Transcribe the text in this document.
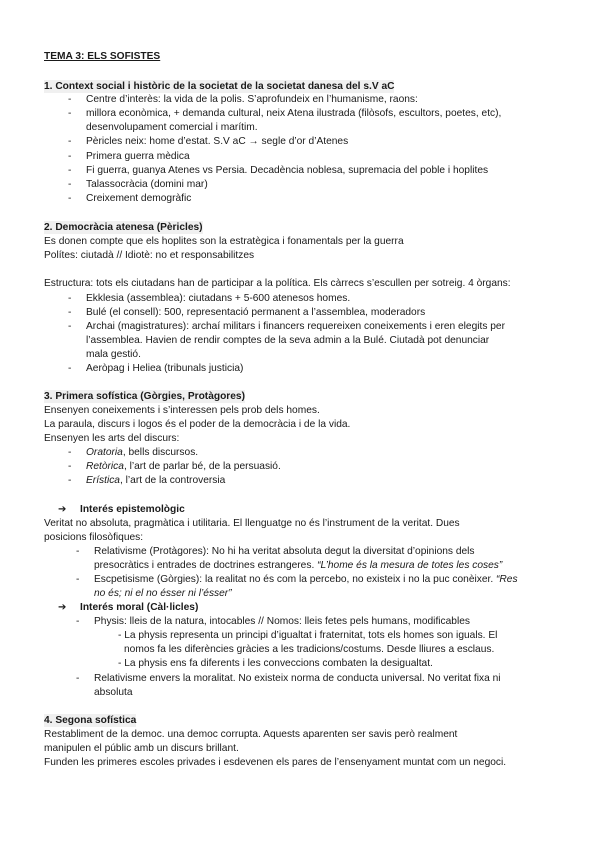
TEMA 3: ELS SOFISTES
1. Context social i històric de la societat de la societat danesa del s.V aC
- Centre d’interès: la vida de la polis. S’aprofundeix en l’humanisme, raons:
- millora econòmica, + demanda cultural, neix Atena ilustrada (filòsofs, escultors, poetes, etc),
desenvolupament comercial i marítim.
- Pèricles neix: home d’estat. S.V aC → segle d’or d’Atenes
- Primera guerra mèdica
- Fi guerra, guanya Atenes vs Persia. Decadència noblesa, supremacia del poble i hoplites
- Talassocràcia (domini mar)
- Creixement demogràfic
2. Democràcia atenesa (Pèricles)
Es donen compte que els hoplites son la estratègica i fonamentals per la guerra
Polítes: ciutadà // Idiotè: no et responsabilitzes
Estructura: tots els ciutadans han de participar a la política. Els càrrecs s’escullen per sotreig. 4 òrgans:
- Ekklesia (assemblea): ciutadans + 5-600 atenesos homes.
- Bulé (el consell): 500, representació permanent a l’assemblea, moderadors
- Archai (magistratures): archaí militars i financers requereixen coneixements i eren elegits per
l’assemblea. Havien de rendir comptes de la seva admin a la Bulé. Ciutadà pot denunciar
mala gestió.
- Aeròpag i Heliea (tribunals justicia)
3. Primera sofística (Gòrgies, Protàgores)
Ensenyen coneixements i s’interessen pels prob dels homes.
La paraula, discurs i logos és el poder de la democràcia i de la vida.
Ensenyen les arts del discurs:
- Oratoria, bells discursos.
- Retòrica, l’art de parlar bé, de la persuasió.
- Erística, l’art de la controversia
➔ Interés epistemològic
Veritat no absoluta, pragmàtica i utilitaria. El llenguatge no és l’instrument de la veritat. Dues
posicions filosòfiques:
- Relativisme (Protàgores): No hi ha veritat absoluta degut la diversitat d’opinions dels
presocràtics i entrades de doctrines estrangeres. “L’home és la mesura de totes les coses”
- Escpetisisme (Gòrgies): la realitat no és com la percebo, no existeix i no la puc conèixer. “Res
no és; ni el no ésser ni l’ésser”
➔ Interés moral (Càl·licles)
- Physis: lleis de la natura, intocables // Nomos: lleis fetes pels humans, modificables
- La physis representa un principi d’igualtat i fraternitat, tots els homes son iguals. El
nomos fa les diferències gràcies a les tradicions/costums. Desde lliures a esclaus.
- La physis ens fa diferents i les conveccions combaten la desigualtat.
- Relativisme envers la moralitat. No existeix norma de conducta universal. No veritat fixa ni
absoluta
4. Segona sofística
Restabliment de la democ. una democ corrupta. Aquests aparenten ser savis però realment
manipulen el públic amb un discurs brillant.
Funden les primeres escoles privades i esdevenen els pares de l’ensenyament muntat com un negoci.
